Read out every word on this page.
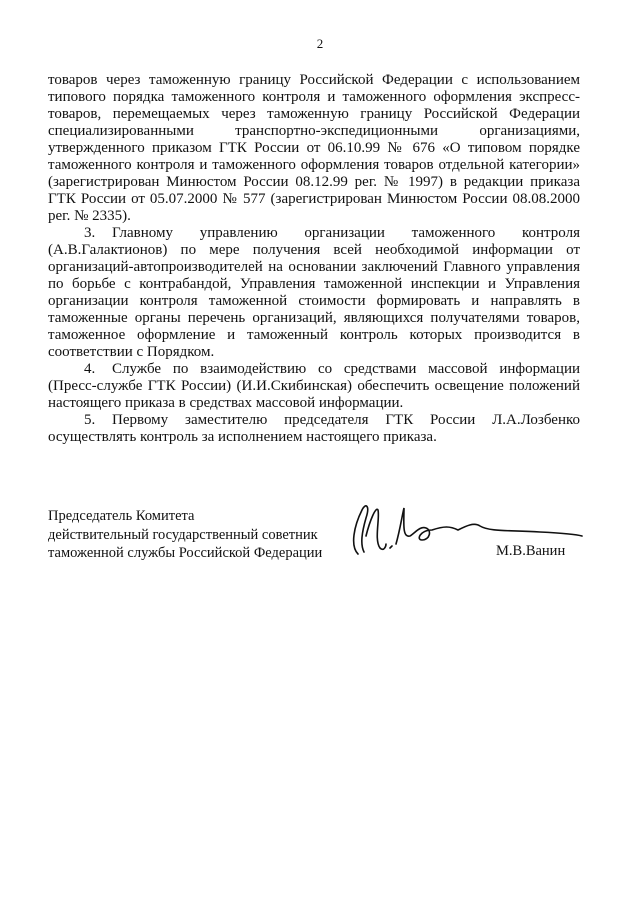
2
товаров через таможенную границу Российской Федерации с использованием
типового порядка таможенного контроля и таможенного оформления экспресс-
товаров, перемещаемых через таможенную границу Российской Федерации
специализированными транспортно-экспедиционными организациями,
утвержденного приказом ГТК России от 06.10.99 № 676 «О типовом порядке
таможенного контроля и таможенного оформления товаров отдельной категории»
(зарегистрирован Минюстом России 08.12.99 рег. № 1997) в редакции приказа
ГТК России от 05.07.2000 № 577 (зарегистрирован Минюстом России 08.08.2000
рег. № 2335).
3.	Главному управлению организации таможенного контроля
(А.В.Галактионов) по мере получения всей необходимой информации от
организаций-автопроизводителей на основании заключений Главного управления
по борьбе с контрабандой, Управления таможенной инспекции и Управления
организации контроля таможенной стоимости формировать и направлять в
таможенные органы перечень организаций, являющихся получателями товаров,
таможенное оформление и таможенный контроль которых производится в
соответствии с Порядком.
4.	Службе по взаимодействию со средствами массовой информации
(Пресс-службе ГТК России) (И.И.Скибинская) обеспечить освещение положений
настоящего приказа в средствах массовой информации.
5.	Первому заместителю председателя ГТК России Л.А.Лозбенко
осуществлять контроль за исполнением настоящего приказа.
Председатель Комитета
действительный государственный советник
таможенной службы Российской Федерации	М.В.Ванин
